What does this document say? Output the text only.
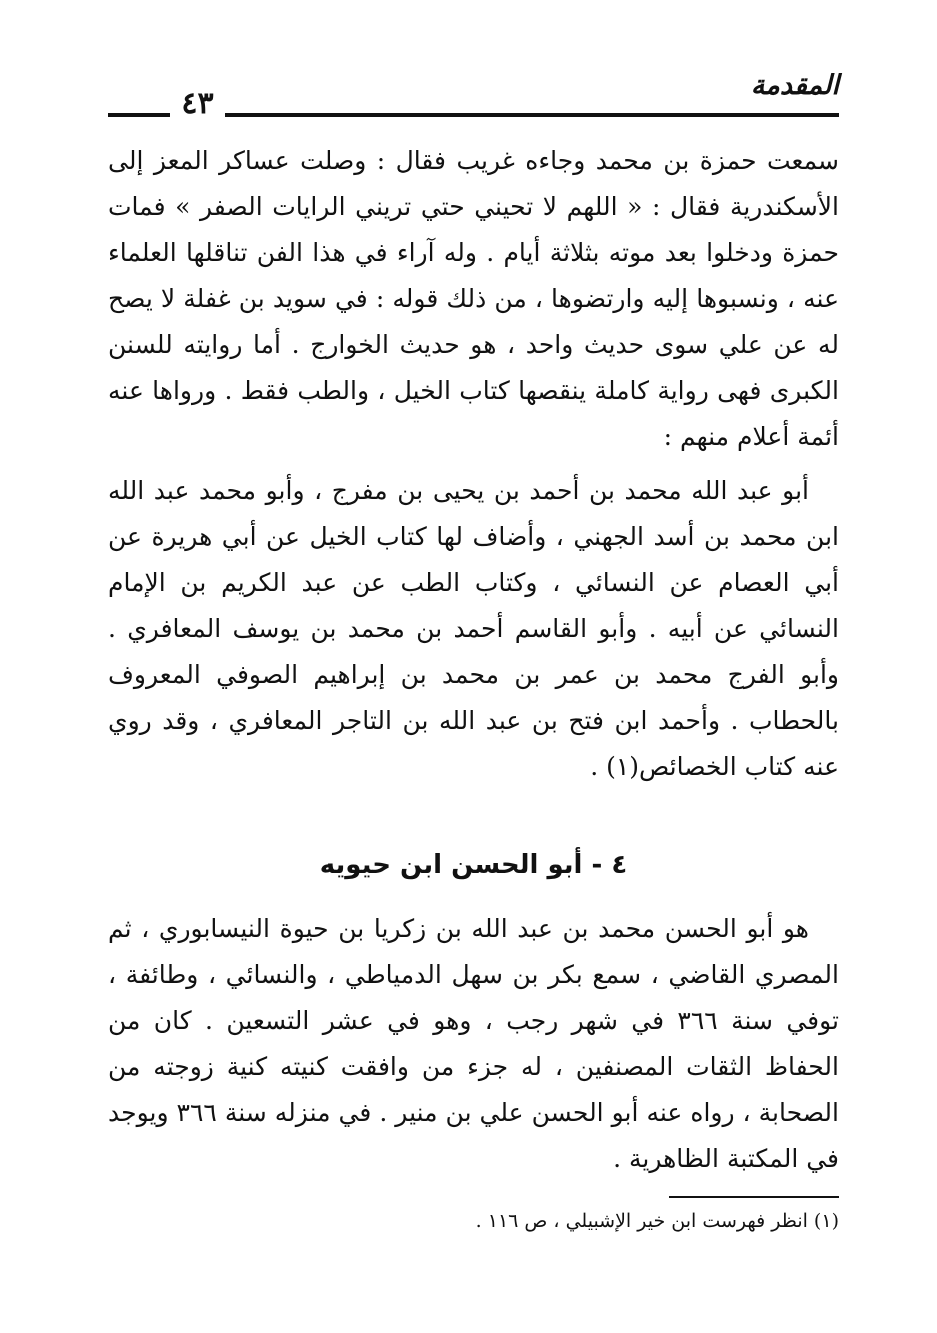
المقدمة
٤٣

سمعت حمزة بن محمد وجاءه غريب فقال : وصلت عساكر المعز إلى الأسكندرية فقال : « اللهم لا تحيني حتي تريني الرايات الصفر » فمات حمزة ودخلوا بعد موته بثلاثة أيام . وله آراء في هذا الفن تناقلها العلماء عنه ، ونسبوها إليه وارتضوها ، من ذلك قوله : في سويد بن غفلة لا يصح له عن علي سوى حديث واحد ، هو حديث الخوارج . أما روايته للسنن الكبرى فهى رواية كاملة ينقصها كتاب الخيل ، والطب فقط . ورواها عنه أئمة أعلام منهم :

أبو عبد الله محمد بن أحمد بن يحيى بن مفرج ، وأبو محمد عبد الله ابن محمد بن أسد الجهني ، وأضاف لها كتاب الخيل عن أبي هريرة عن أبي العصام عن النسائي ، وكتاب الطب عن عبد الكريم بن الإمام النسائي عن أبيه . وأبو القاسم أحمد بن محمد بن يوسف المعافري . وأبو الفرج محمد بن عمر بن محمد بن إبراهيم الصوفي المعروف بالحطاب . وأحمد ابن فتح بن عبد الله بن التاجر المعافري ، وقد روي عنه كتاب الخصائص(١) .

٤ - أبو الحسن ابن حيويه

هو أبو الحسن محمد بن عبد الله بن زكريا بن حيوة النيسابوري ، ثم المصري القاضي ، سمع بكر بن سهل الدمياطي ، والنسائي ، وطائفة ، توفي سنة ٣٦٦ في شهر رجب ، وهو في عشر التسعين . كان من الحفاظ الثقات المصنفين ، له جزء من وافقت كنيته كنية زوجته من الصحابة ، رواه عنه أبو الحسن علي بن منير . في منزله سنة ٣٦٦ ويوجد في المكتبة الظاهرية .

(١) انظر فهرست ابن خير الإشبيلي ، ص ١١٦ .
